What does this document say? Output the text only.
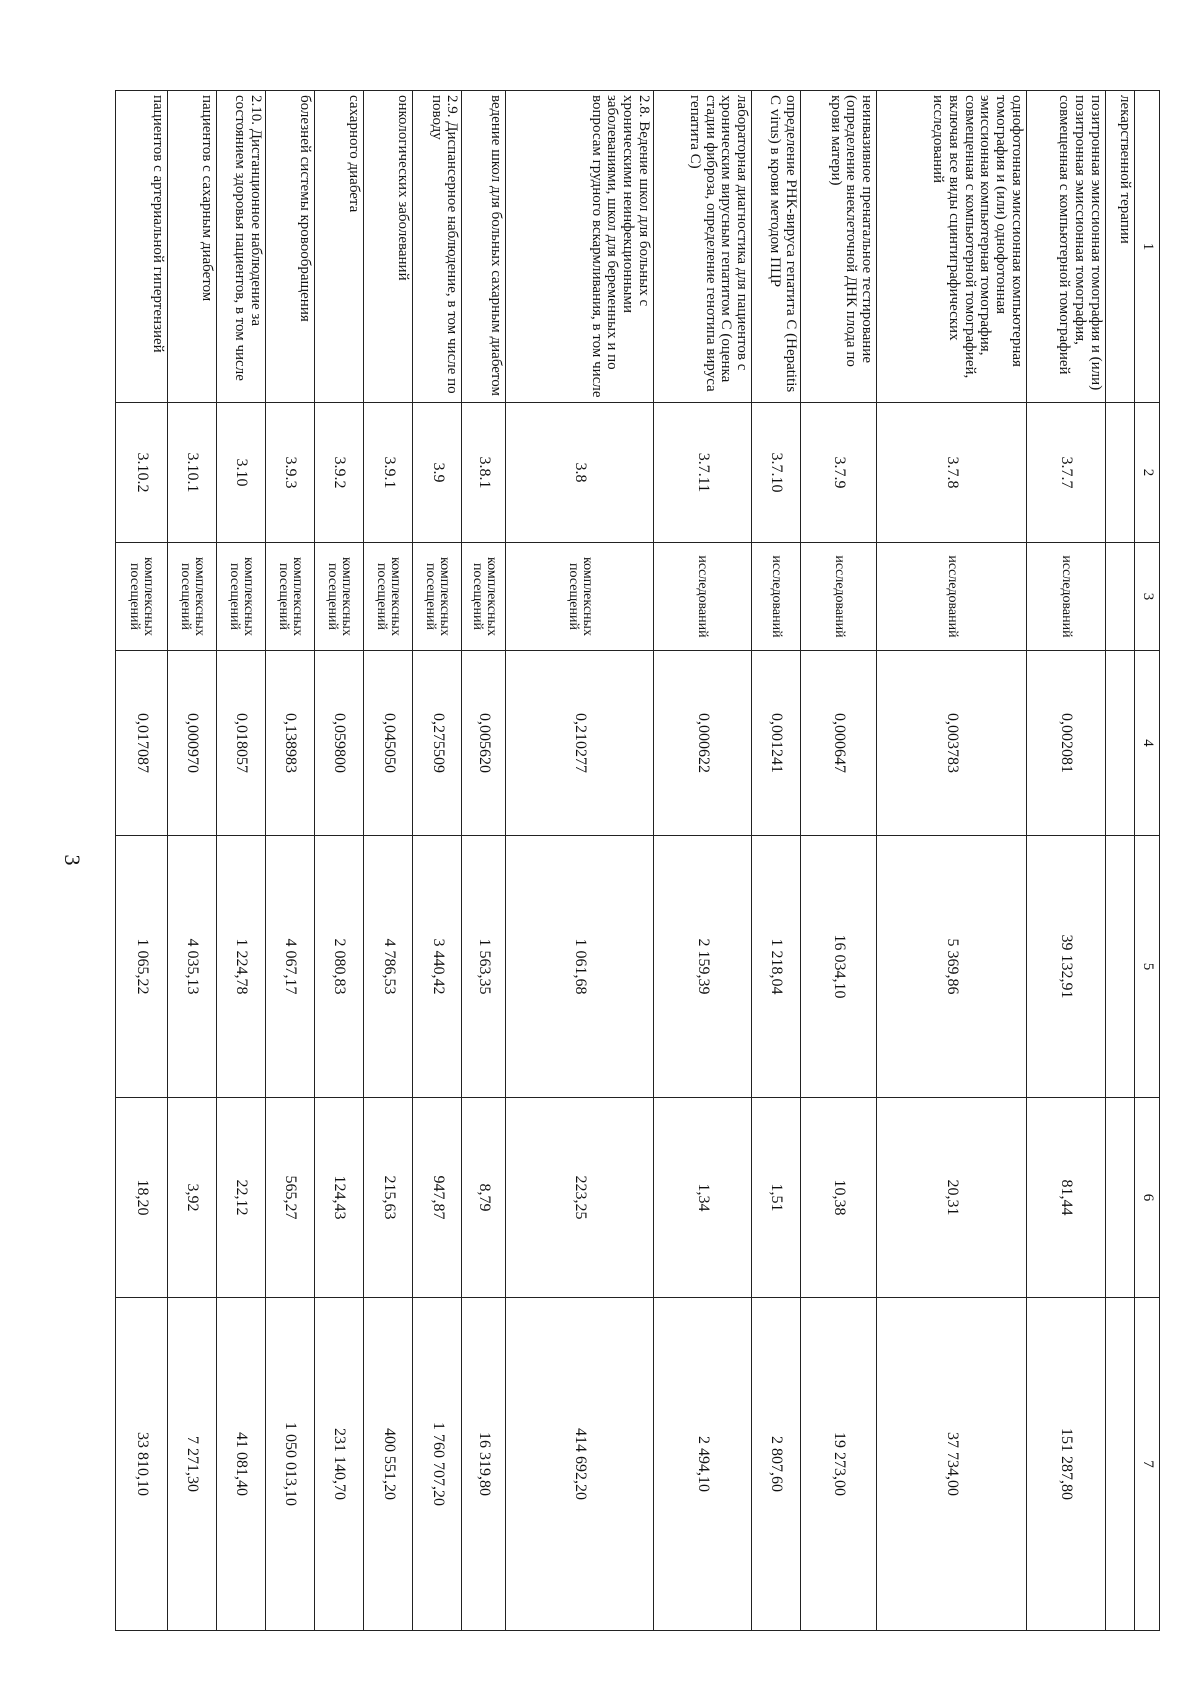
1	2	3	4	5	6	7
лекарственной терапии						
позитронная эмиссионная томография и (или) позитронная эмиссионная томография, совмещенная с компьютерной томографией	3.7.7	исследований	0,002081	39 132,91	81,44	151 287,80
однофотонная эмиссионная компьютерная томография и (или) однофотонная эмиссионная компьютерная томография, совмещенная с компьютерной томографией, включая все виды сцинтиграфических исследований	3.7.8	исследований	0,003783	5 369,86	20,31	37 734,00
неинвазивное пренатальное тестирование (определение внеклеточной ДНК плода по крови матери)	3.7.9	исследований	0,000647	16 034,10	10,38	19 273,00
определение РНК-вируса гепатита С (Hepatitis C virus) в крови методом ПЦР	3.7.10	исследований	0,001241	1 218,04	1,51	2 807,60
лабораторная диагностика для пациентов с хроническим вирусным гепатитом С (оценка стадии фиброза, определение генотипа вируса гепатита С)	3.7.11	исследований	0,000622	2 159,39	1,34	2 494,10
2.8. Ведение школ для больных с хроническими неинфекционными заболеваниями, школ для беременных и по вопросам грудного вскармливания, в том числе	3.8	комплексных посещений	0,210277	1 061,68	223,25	414 692,20
ведение школ для больных сахарным диабетом	3.8.1	комплексных посещений	0,005620	1 563,35	8,79	16 319,80
2.9. Диспансерное наблюдение, в том числе по поводу	3.9	комплексных посещений	0,275509	3 440,42	947,87	1 760 707,20
онкологических заболеваний	3.9.1	комплексных посещений	0,045050	4 786,53	215,63	400 551,20
сахарного диабета	3.9.2	комплексных посещений	0,059800	2 080,83	124,43	231 140,70
болезней системы кровообращения	3.9.3	комплексных посещений	0,138983	4 067,17	565,27	1 050 013,10
2.10. Дистанционное наблюдение за состоянием здоровья пациентов, в том числе	3.10	комплексных посещений	0,018057	1 224,78	22,12	41 081,40
пациентов с сахарным диабетом	3.10.1	комплексных посещений	0,000970	4 035,13	3,92	7 271,30
пациентов с артериальной гипертензией	3.10.2	комплексных посещений	0,017087	1 065,22	18,20	33 810,10
3
